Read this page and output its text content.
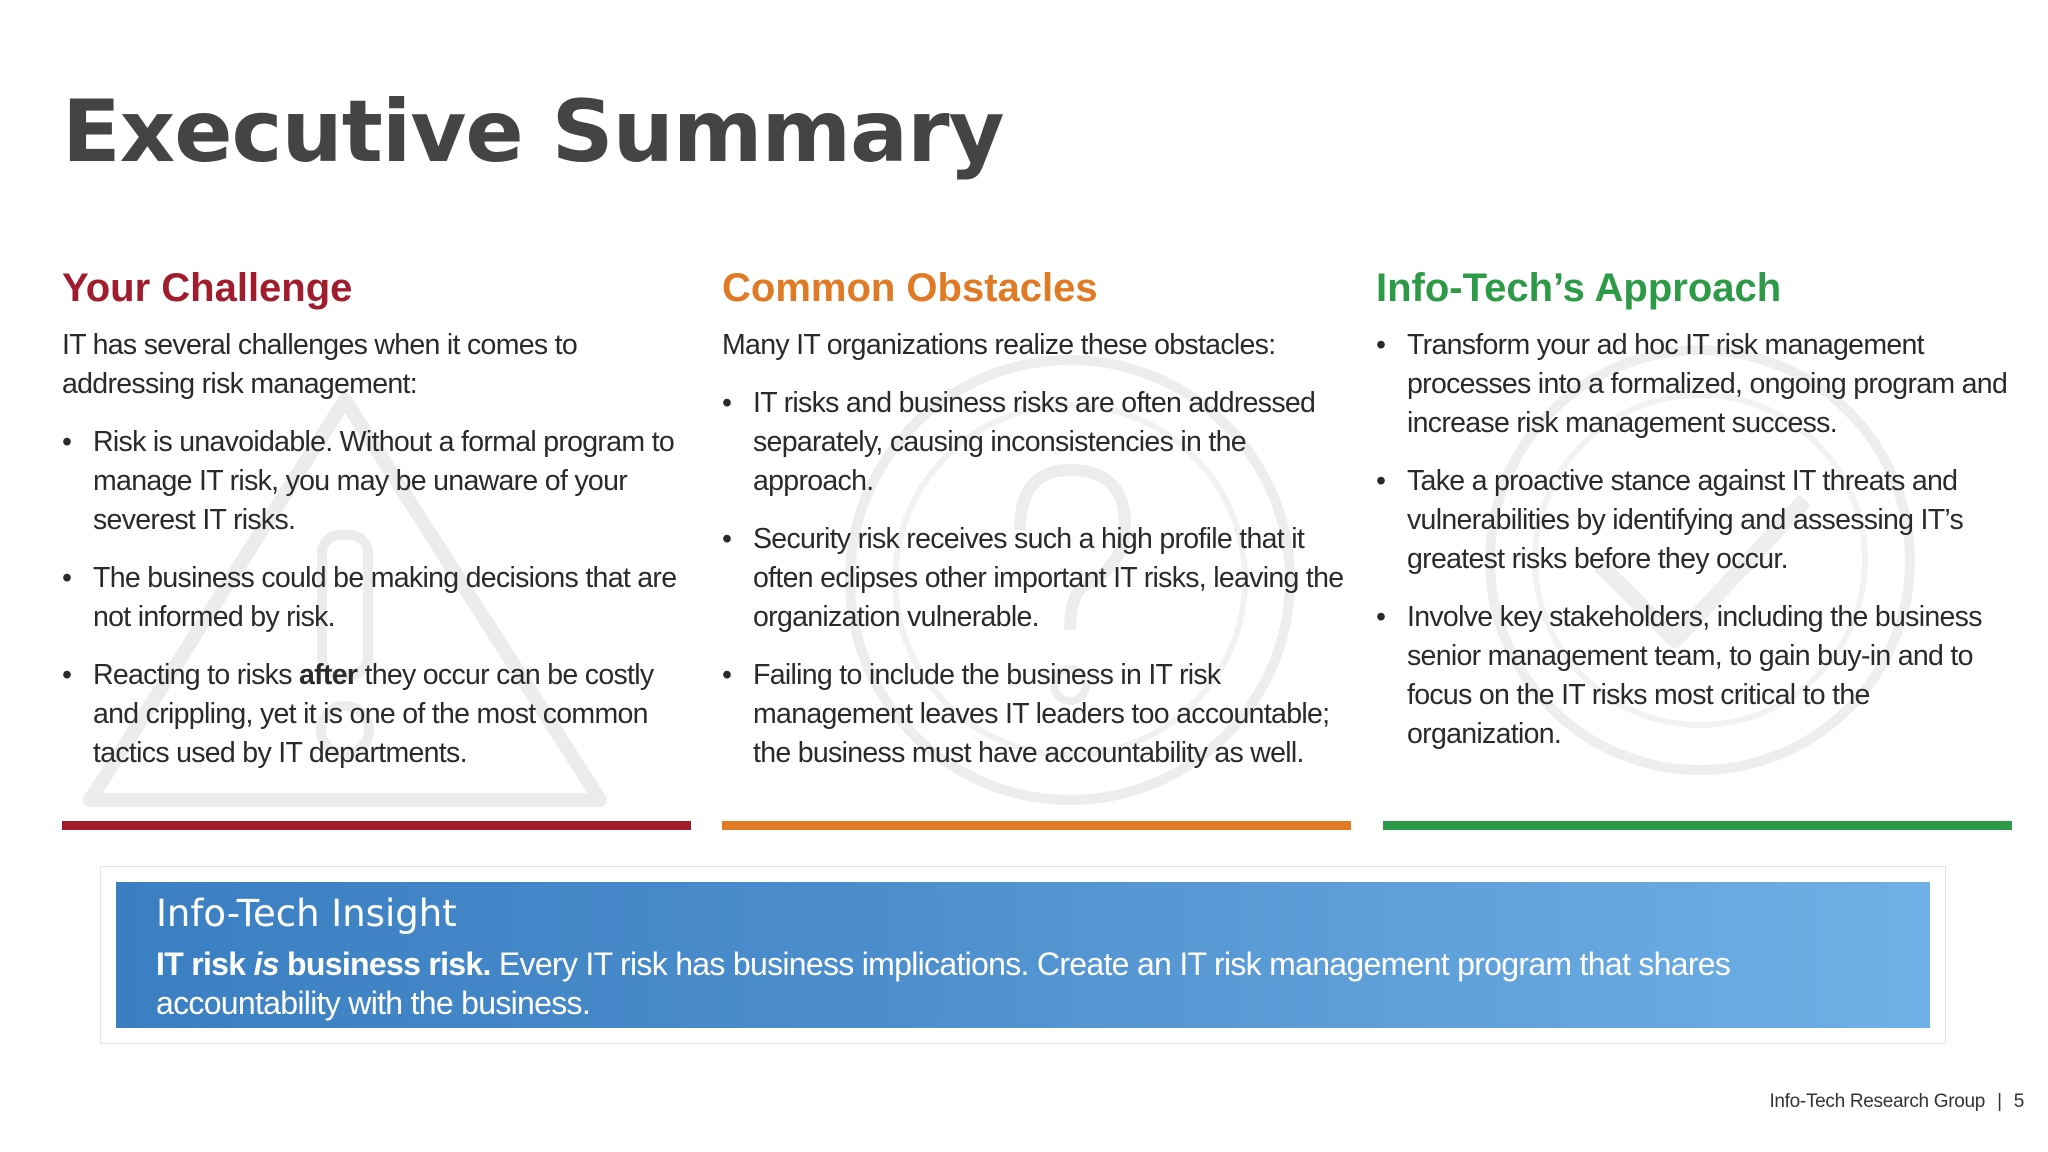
Executive Summary
Your Challenge

IT has several challenges when it comes to addressing risk management:

• Risk is unavoidable. Without a formal program to manage IT risk, you may be unaware of your severest IT risks.
• The business could be making decisions that are not informed by risk.
• Reacting to risks after they occur can be costly and crippling, yet it is one of the most common tactics used by IT departments.
Common Obstacles

Many IT organizations realize these obstacles:

• IT risks and business risks are often addressed separately, causing inconsistencies in the approach.
• Security risk receives such a high profile that it often eclipses other important IT risks, leaving the organization vulnerable.
• Failing to include the business in IT risk management leaves IT leaders too accountable; the business must have accountability as well.
Info-Tech’s Approach
• Transform your ad hoc IT risk management processes into a formalized, ongoing program and increase risk management success.
• Take a proactive stance against IT threats and vulnerabilities by identifying and assessing IT’s greatest risks before they occur.
• Involve key stakeholders, including the business senior management team, to gain buy-in and to focus on the IT risks most critical to the organization.
Info-Tech Insight

IT risk is business risk. Every IT risk has business implications. Create an IT risk management program that shares accountability with the business.

Info-Tech Research Group | 5
